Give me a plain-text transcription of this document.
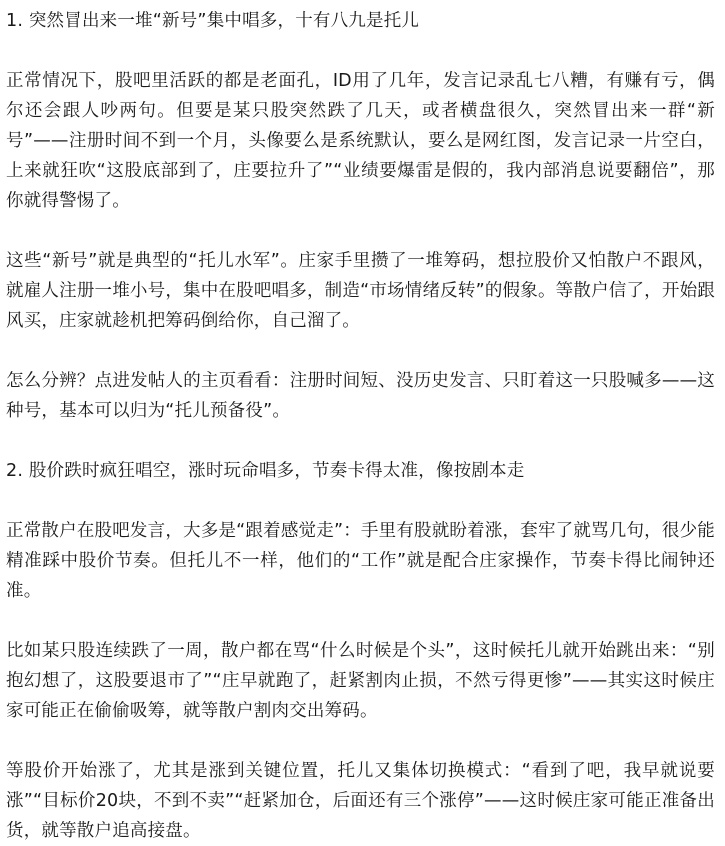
1. 突然冒出来一堆“新号”集中唱多，十有八九是托儿

正常情况下，股吧里活跃的都是老面孔，ID用了几年，发言记录乱七八糟，有赚有亏，偶尔还会跟人吵两句。但要是某只股突然跌了几天，或者横盘很久，突然冒出来一群“新号”——注册时间不到一个月，头像要么是系统默认，要么是网红图，发言记录一片空白，上来就狂吹“这股底部到了，庄要拉升了”“业绩要爆雷是假的，我内部消息说要翻倍”，那你就得警惕了。

这些“新号”就是典型的“托儿水军”。庄家手里攒了一堆筹码，想拉股价又怕散户不跟风，就雇人注册一堆小号，集中在股吧唱多，制造“市场情绪反转”的假象。等散户信了，开始跟风买，庄家就趁机把筹码倒给你，自己溜了。

怎么分辨？点进发帖人的主页看看：注册时间短、没历史发言、只盯着这一只股喊多——这种号，基本可以归为“托儿预备役”。

2. 股价跌时疯狂唱空，涨时玩命唱多，节奏卡得太准，像按剧本走

正常散户在股吧发言，大多是“跟着感觉走”：手里有股就盼着涨，套牢了就骂几句，很少能精准踩中股价节奏。但托儿不一样，他们的“工作”就是配合庄家操作，节奏卡得比闹钟还准。

比如某只股连续跌了一周，散户都在骂“什么时候是个头”，这时候托儿就开始跳出来：“别抱幻想了，这股要退市了”“庄早就跑了，赶紧割肉止损，不然亏得更惨”——其实这时候庄家可能正在偷偷吸筹，就等散户割肉交出筹码。

等股价开始涨了，尤其是涨到关键位置，托儿又集体切换模式：“看到了吧，我早就说要涨”“目标价20块，不到不卖”“赶紧加仓，后面还有三个涨停”——这时候庄家可能正准备出货，就等散户追高接盘。
